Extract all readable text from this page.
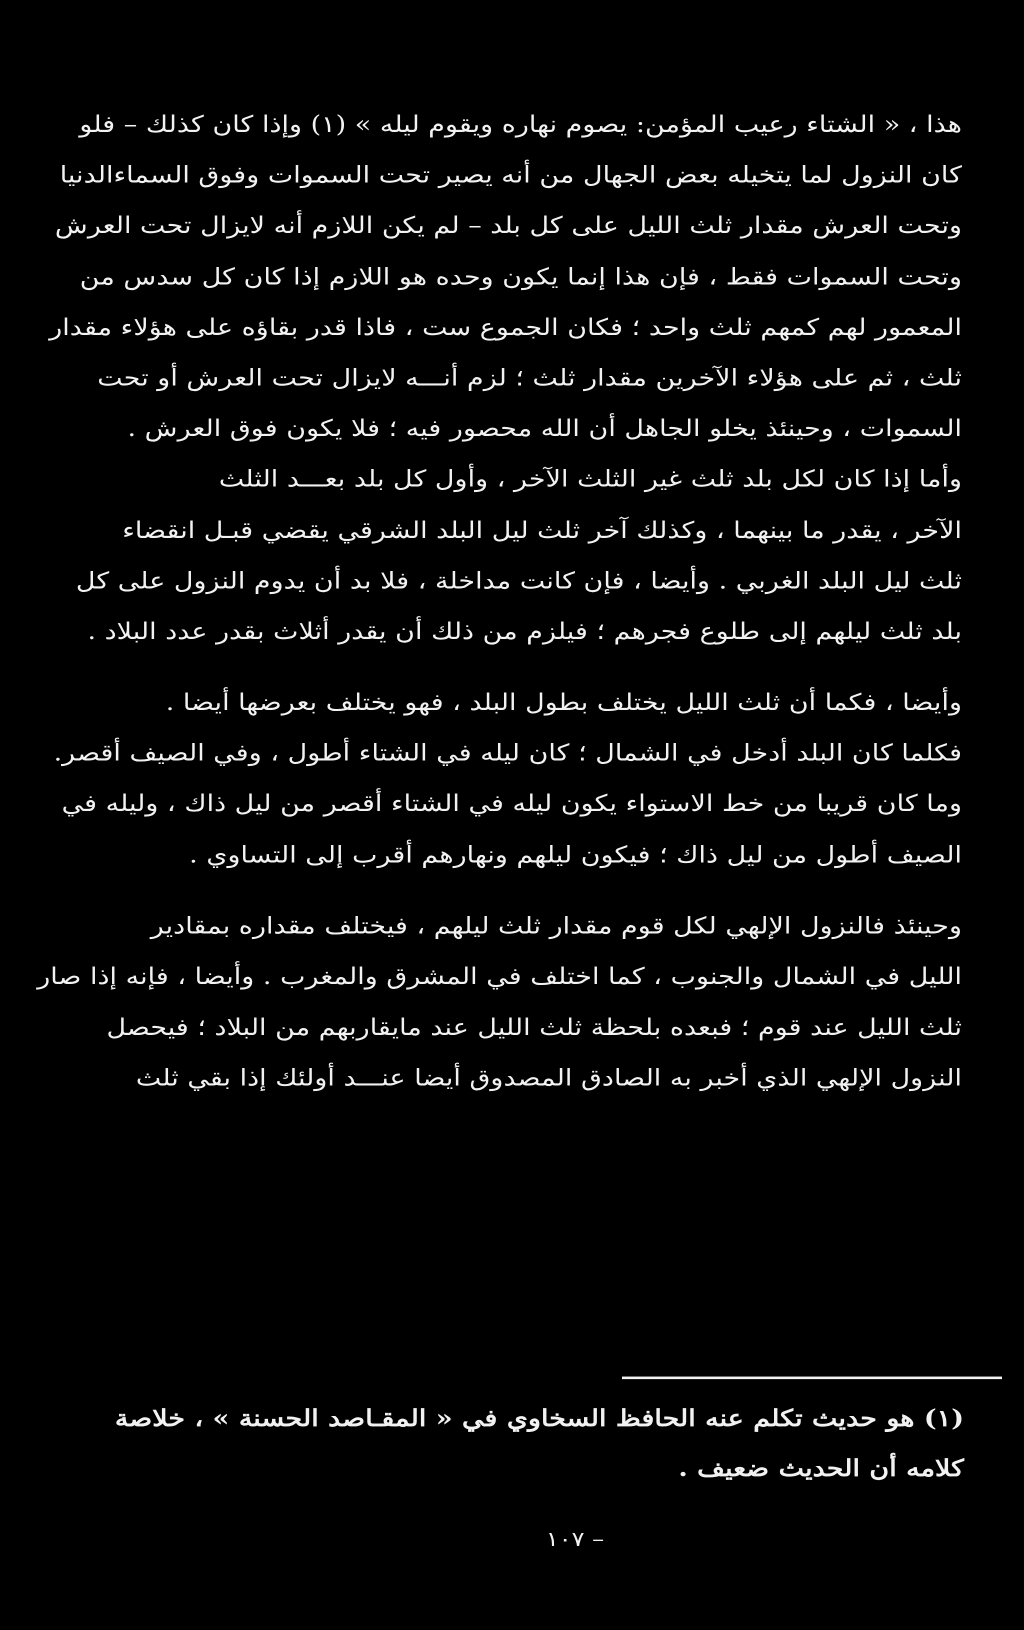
هذا ، « الشتاء رعيب المؤمن: يصوم نهاره ويقوم ليله » (١) وإذا كان كذلك – فلو
كان النزول لما يتخيله بعض الجهال من أنه يصير تحت السموات وفوق السماءالدنيا
وتحت العرش مقدار ثلث الليل على كل بلد – لم يكن اللازم أنه لايزال تحت العرش
وتحت السموات فقط ، فإن هذا إنما يكون وحده هو اللازم إذا كان كل سدس من
المعمور لهم كمهم ثلث واحد ؛ فكان الجموع ست ، فاذا قدر بقاؤه على هؤلاء مقدار
ثلث ، ثم على هؤلاء الآخرين مقدار ثلث ؛ لزم أنـــه لايزال تحت العرش أو تحت
السموات ، وحينئذ يخلو الجاهل أن الله محصور فيه ؛ فلا يكون فوق العرش .
وأما إذا كان لكل بلد ثلث غير الثلث الآخر ، وأول كل بلد بعـــد الثلث
الآخر ، يقدر ما بينهما ، وكذلك آخر ثلث ليل البلد الشرقي يقضي قبـل انقضاء
ثلث ليل البلد الغربي . وأيضا ، فإن كانت مداخلة ، فلا بد أن يدوم النزول على كل
بلد ثلث ليلهم إلى طلوع فجرهم ؛ فيلزم من ذلك أن يقدر أثلاث بقدر عدد البلاد .
وأيضا ، فكما أن ثلث الليل يختلف بطول البلد ، فهو يختلف بعرضها أيضا .
فكلما كان البلد أدخل في الشمال ؛ كان ليله في الشتاء أطول ، وفي الصيف أقصر.
وما كان قريبا من خط الاستواء يكون ليله في الشتاء أقصر من ليل ذاك ، وليله في
الصيف أطول من ليل ذاك ؛ فيكون ليلهم ونهارهم أقرب إلى التساوي .
وحينئذ فالنزول الإلهي لكل قوم مقدار ثلث ليلهم ، فيختلف مقداره بمقادير
الليل في الشمال والجنوب ، كما اختلف في المشرق والمغرب . وأيضا ، فإنه إذا صار
ثلث الليل عند قوم ؛ فبعده بلحظة ثلث الليل عند مايقاربهم من البلاد ؛ فيحصل
النزول الإلهي الذي أخبر به الصادق المصدوق أيضا عنـــد أولئك إذا بقي ثلث
(١) هو حديث تكلم عنه الحافظ السخاوي في « المقـاصد الحسنة » ، خلاصة
كلامه أن الحديث ضعيف .
– ١٠٧
